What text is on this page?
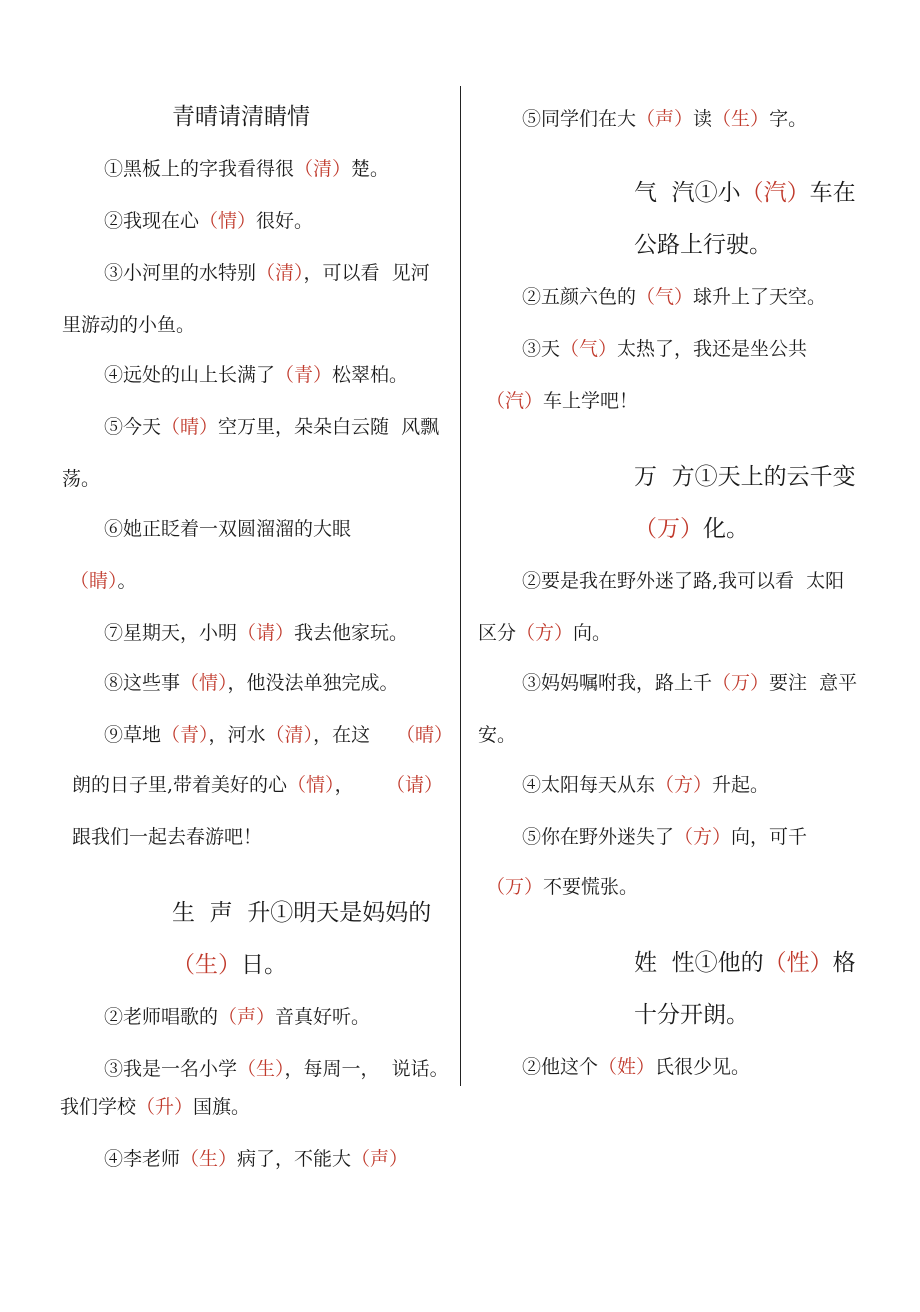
青晴请清睛情
①黑板上的字我看得很（清）楚。
②我现在心（情）很好。
③小河里的水特别（清），可以看  见河
里游动的小鱼。
④远处的山上长满了（青）松翠柏。
⑤今天（晴）空万里，朵朵白云随  风飘
荡。
⑥她正眨着一双圆溜溜的大眼
（睛）。
⑦星期天，小明（请）我去他家玩。
⑧这些事（情），他没法单独完成。
⑨草地（青），河水（清），在这 （晴）
朗的日子里,带着美好的心（情）， （请）
跟我们一起去春游吧！
生  声  升①明天是妈妈的
（生）日。
②老师唱歌的（声）音真好听。
③我是一名小学（生），每周一，  说话。
我们学校（升）国旗。
④李老师（生）病了，不能大（声）
⑤同学们在大（声）读（生）字。
气  汽①小（汽）车在
公路上行驶。
②五颜六色的（气）球升上了天空。
③天（气）太热了，我还是坐公共
（汽）车上学吧！
万  方①天上的云千变
（万）化。
②要是我在野外迷了路,我可以看  太阳
区分（方）向。
③妈妈嘱咐我，路上千（万）要注  意平
安。
④太阳每天从东（方）升起。
⑤你在野外迷失了（方）向，可千
（万）不要慌张。
姓  性①他的（性）格
十分开朗。
②他这个（姓）氏很少见。
